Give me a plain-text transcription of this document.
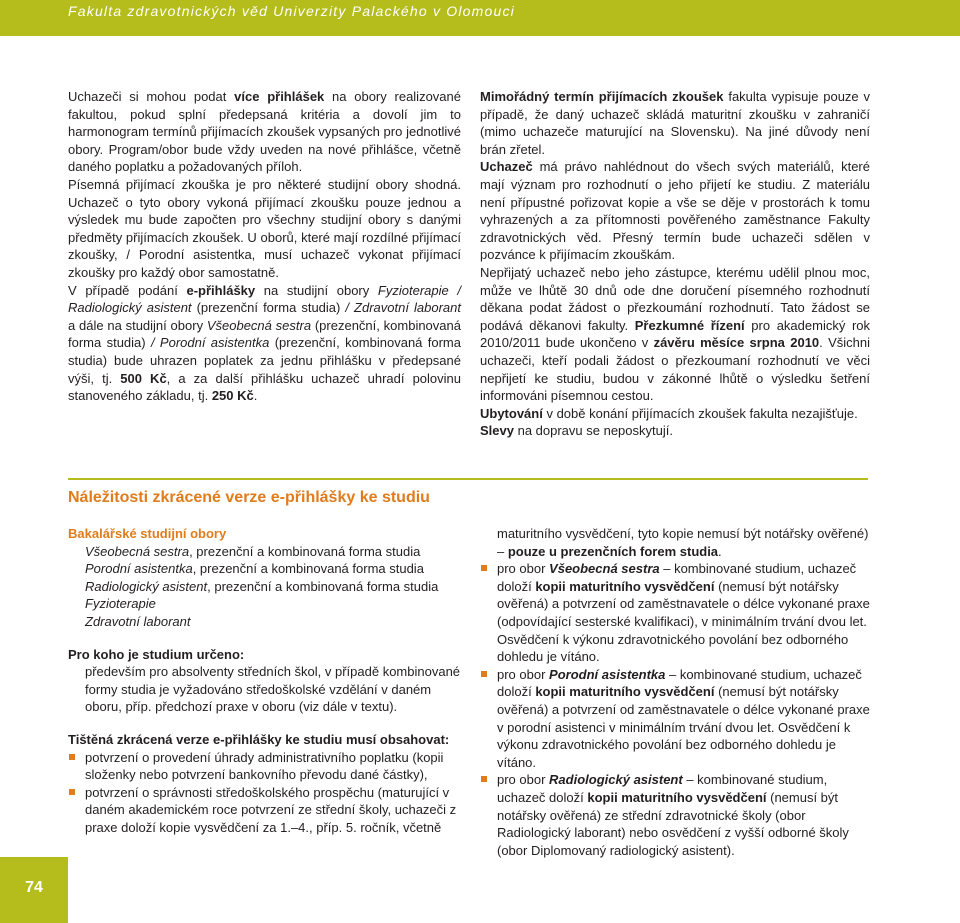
Fakulta zdravotnických věd Univerzity Palackého v Olomouci

Uchazeči si mohou podat více přihlášek na obory realizované fakultou, pokud splní předepsaná kritéria a dovolí jim to harmonogram termínů přijímacích zkoušek vypsaných pro jednotlivé obory. Program/obor bude vždy uveden na nové přihlášce, včetně daného poplatku a požadovaných příloh.

Písemná přijímací zkouška je pro některé studijní obory shodná. Uchazeč o tyto obory vykoná přijímací zkoušku pouze jednou a výsledek mu bude započten pro všechny studijní obory s danými předměty přijímacích zkoušek. U oborů, které mají rozdílné přijímací zkoušky, / Porodní asistentka, musí uchazeč vykonat přijímací zkoušky pro každý obor samostatně.

V případě podání e-přihlášky na studijní obory Fyzioterapie / Radiologický asistent (prezenční forma studia) / Zdravotní laborant a dále na studijní obory Všeobecná sestra (prezenční, kombinovaná forma studia) / Porodní asistentka (prezenční, kombinovaná forma studia) bude uhrazen poplatek za jednu přihlášku v předepsané výši, tj. 500 Kč, a za další přihlášku uchazeč uhradí polovinu stanoveného základu, tj. 250 Kč.

Mimořádný termín přijímacích zkoušek fakulta vypisuje pouze v případě, že daný uchazeč skládá maturitní zkoušku v zahraničí (mimo uchazeče maturující na Slovensku). Na jiné důvody není brán zřetel.

Uchazeč má právo nahlédnout do všech svých materiálů, které mají význam pro rozhodnutí o jeho přijetí ke studiu. Z materiálu není přípustné pořizovat kopie a vše se děje v prostorách k tomu vyhrazených a za přítomnosti pověřeného zaměstnance Fakulty zdravotnických věd. Přesný termín bude uchazeči sdělen v pozvánce k přijímacím zkouškám.

Nepřijatý uchazeč nebo jeho zástupce, kterému udělil plnou moc, může ve lhůtě 30 dnů ode dne doručení písemného rozhodnutí děkana podat žádost o přezkoumání rozhodnutí. Tato žádost se podává děkanovi fakulty. Přezkumné řízení pro akademický rok 2010/2011 bude ukončeno v závěru měsíce srpna 2010. Všichni uchazeči, kteří podali žádost o přezkoumaní rozhodnutí ve věci nepřijetí ke studiu, budou v zákonné lhůtě o výsledku šetření informováni písemnou cestou.

Ubytování v době konání přijímacích zkoušek fakulta nezajišťuje.

Slevy na dopravu se neposkytují.

Náležitosti zkrácené verze e-přihlášky ke studiu

Bakalářské studijní obory

Všeobecná sestra, prezenční a kombinovaná forma studia

Porodní asistentka, prezenční a kombinovaná forma studia

Radiologický asistent, prezenční a kombinovaná forma studia

Fyzioterapie

Zdravotní laborant

Pro koho je studium určeno:

především pro absolventy středních škol, v případě kombinované formy studia je vyžadováno středoškolské vzdělání v daném oboru, příp. předchozí praxe v oboru (viz dále v textu).

Tištěná zkrácená verze e-přihlášky ke studiu musí obsahovat:

potvrzení o provedení úhrady administrativního poplatku (kopii složenky nebo potvrzení bankovního převodu dané částky),
potvrzení o správnosti středoškolského prospěchu (maturující v daném akademickém roce potvrzení ze střední školy, uchazeči z praxe doloží kopie vysvědčení za 1.–4., příp. 5. ročník, včetně

maturitního vysvědčení, tyto kopie nemusí být notářsky ověřené) – pouze u prezenčních forem studia.

pro obor Všeobecná sestra – kombinované studium, uchazeč doloží kopii maturitního vysvědčení (nemusí být notářsky ověřená) a potvrzení od zaměstnavatele o délce vykonané praxe (odpovídající sesterské kvalifikaci), v minimálním trvání dvou let. Osvědčení k výkonu zdravotnického povolání bez odborného dohledu je vítáno.
pro obor Porodní asistentka – kombinované studium, uchazeč doloží kopii maturitního vysvědčení (nemusí být notářsky ověřená) a potvrzení od zaměstnavatele o délce vykonané praxe v porodní asistenci v minimálním trvání dvou let. Osvědčení k výkonu zdravotnického povolání bez odborného dohledu je vítáno.
pro obor Radiologický asistent – kombinované studium, uchazeč doloží kopii maturitního vysvědčení (nemusí být notářsky ověřená) ze střední zdravotnické školy (obor Radiologický laborant) nebo osvědčení z vyšší odborné školy (obor Diplomovaný radiologický asistent).
74
